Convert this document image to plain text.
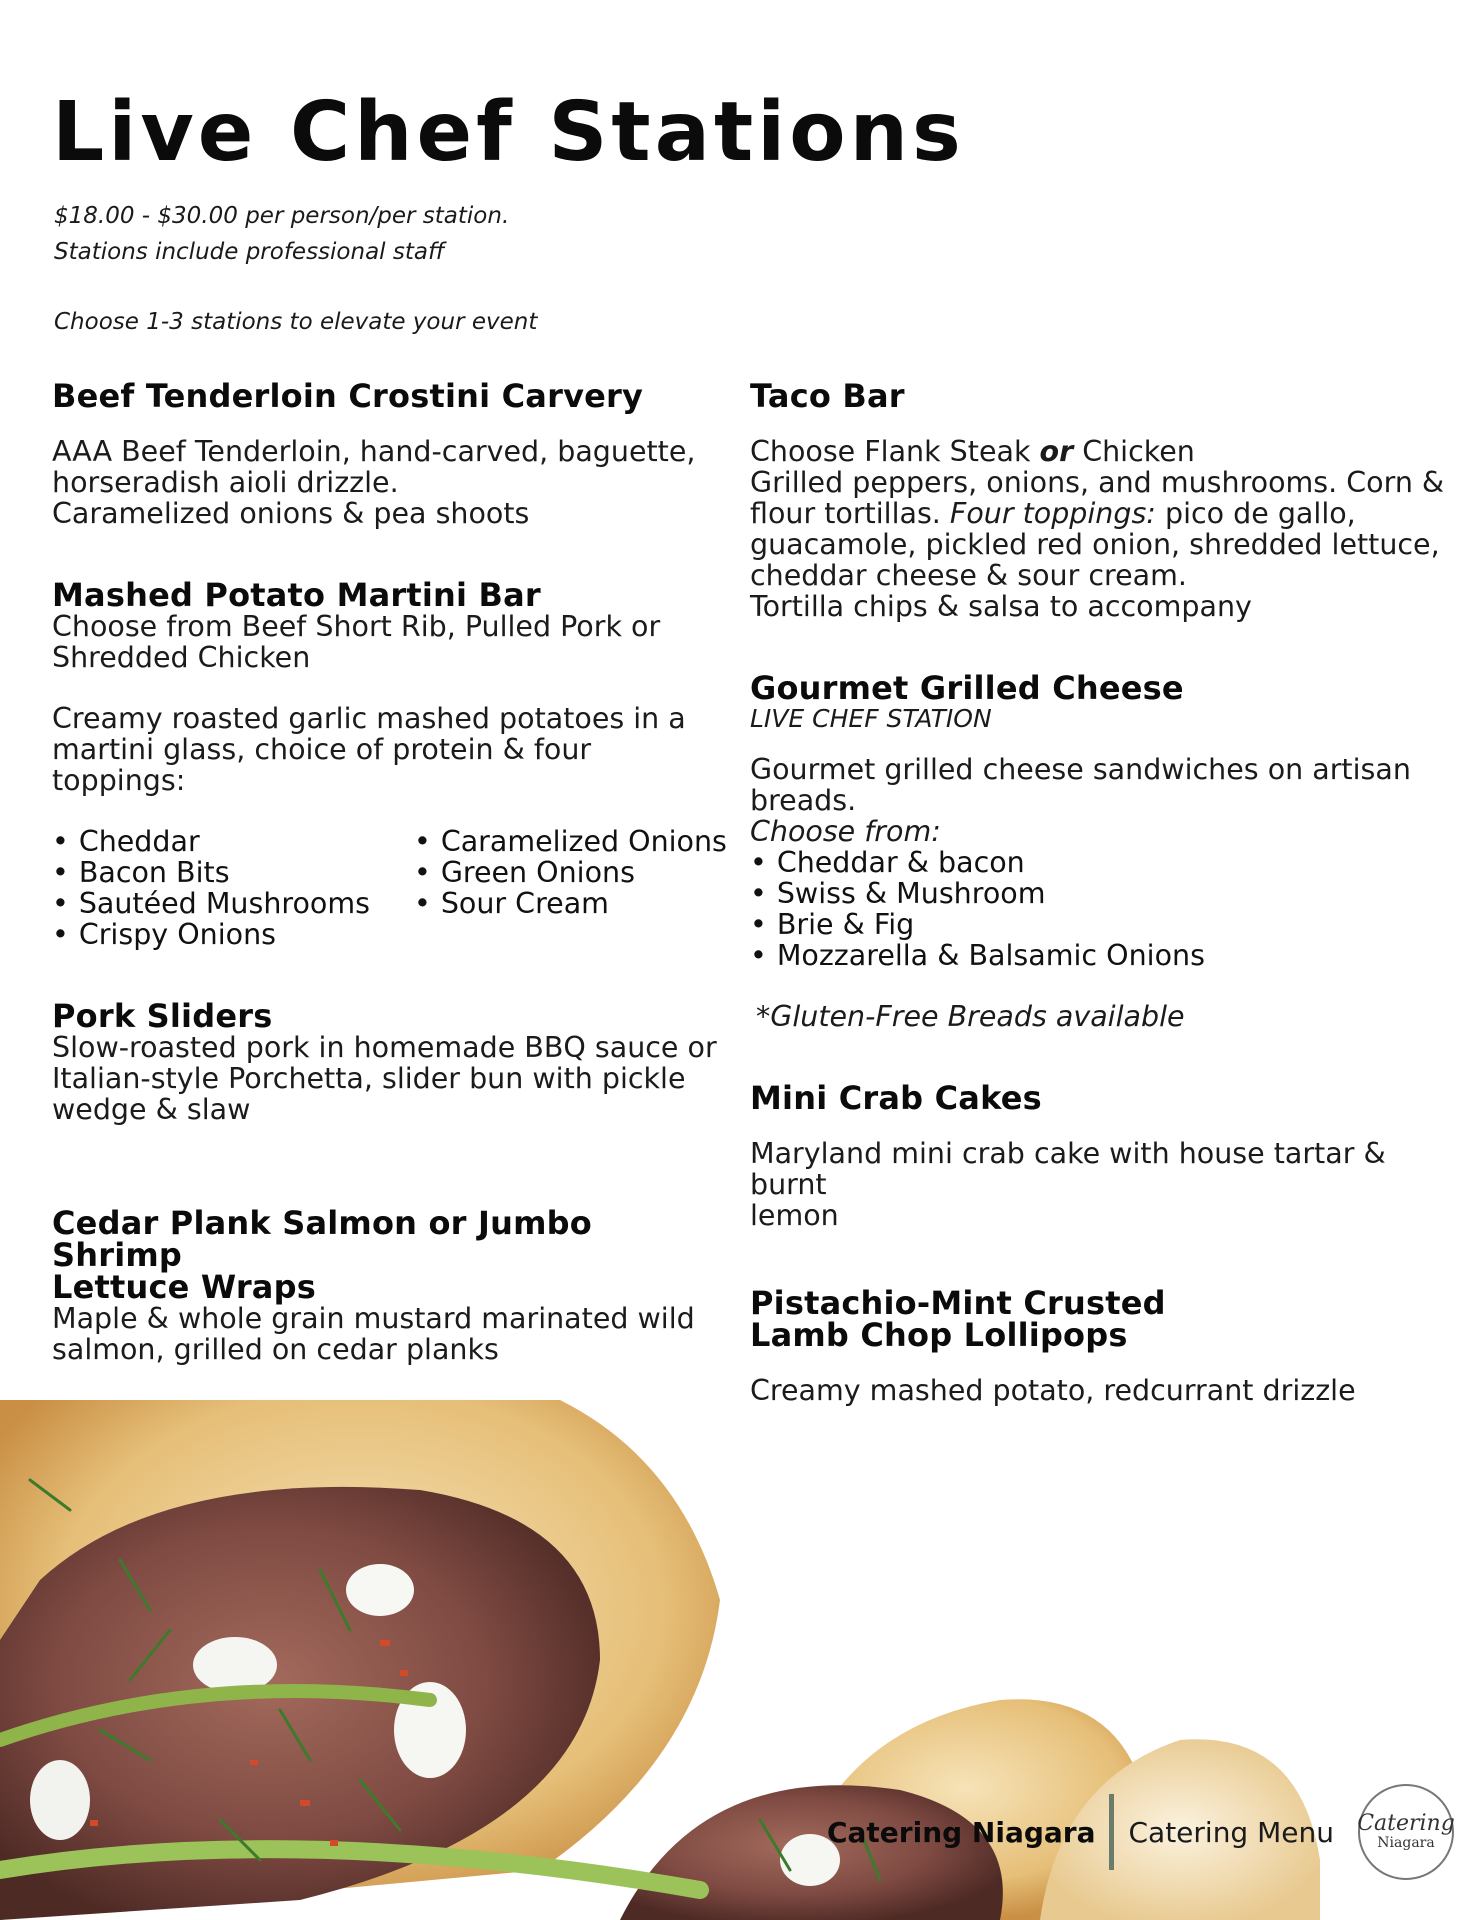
Live Chef Stations
$18.00 - $30.00 per person/per station.
Stations include professional staff
Choose 1-3 stations to elevate your event
Beef Tenderloin Crostini Carvery

AAA Beef Tenderloin, hand-carved, baguette,

horseradish aioli drizzle.

Caramelized onions & pea shoots

Mashed Potato Martini Bar

Choose from Beef Short Rib, Pulled Pork or

Shredded Chicken

Creamy roasted garlic mashed potatoes in a

martini glass, choice of protein & four toppings:

• Cheddar
• Bacon Bits
• Sautéed Mushrooms
• Crispy Onions
• Caramelized Onions
• Green Onions
• Sour Cream
Pork Sliders

Slow-roasted pork in homemade BBQ sauce or

Italian-style Porchetta, slider bun with pickle

wedge & slaw

Cedar Plank Salmon or Jumbo Shrimp
Lettuce Wraps

Maple & whole grain mustard marinated wild

salmon, grilled on cedar planks

Taco Bar

Choose Flank Steak or Chicken

Grilled peppers, onions, and mushrooms. Corn &

flour tortillas. Four toppings: pico de gallo,

guacamole, pickled red onion, shredded lettuce,

cheddar cheese & sour cream.

Tortilla chips & salsa to accompany

Gourmet Grilled Cheese

LIVE CHEF STATION

Gourmet grilled cheese sandwiches on artisan

breads.

Choose from:

• Cheddar & bacon
• Swiss & Mushroom
• Brie & Fig
• Mozzarella & Balsamic Onions

*Gluten-Free Breads available

Mini Crab Cakes

Maryland mini crab cake with house tartar & burnt

lemon

Pistachio-Mint Crusted
Lamb Chop Lollipops

Creamy mashed potato, redcurrant drizzle

Catering Niagara Catering Menu Catering
Niagara
